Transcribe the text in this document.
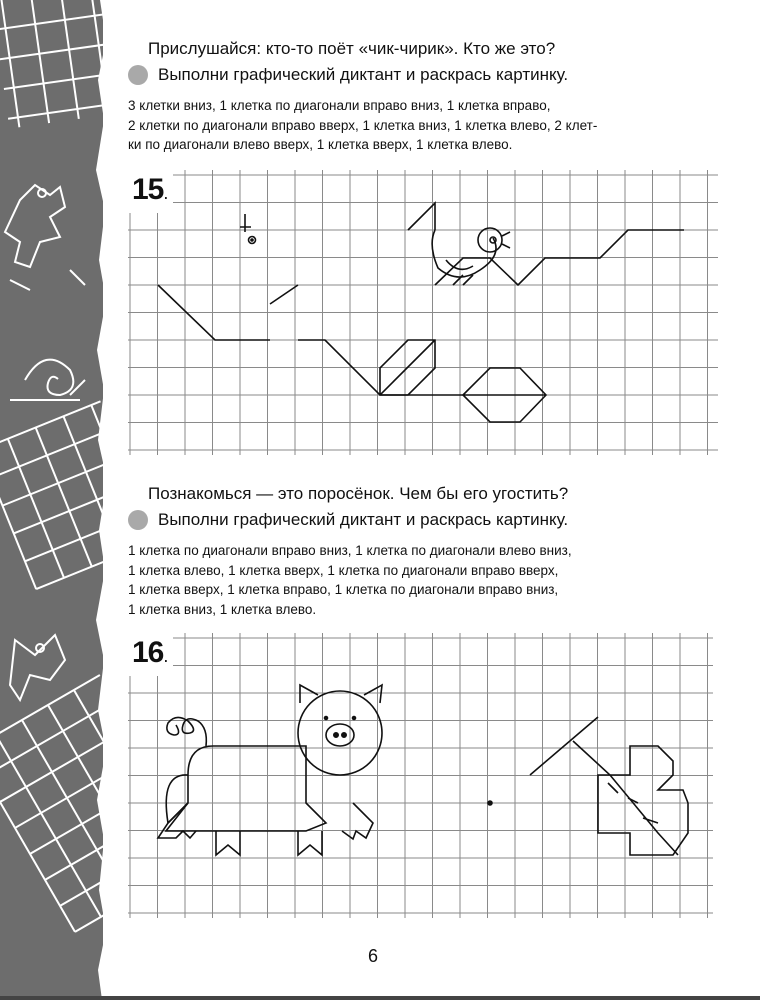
Прислушайся: кто-то поёт «чик-чирик». Кто же это?
Выполни графический диктант и раскрась картинку.
3 клетки вниз, 1 клетка по диагонали вправо вниз, 1 клетка вправо,
2 клетки по диагонали вправо вверх, 1 клетка вниз, 1 клетка влево, 2 клет-
ки по диагонали влево вверх, 1 клетка вверх, 1 клетка влево.
15.
Познакомься — это поросёнок. Чем бы его угостить?
Выполни графический диктант и раскрась картинку.
1 клетка по диагонали вправо вниз, 1 клетка по диагонали влево вниз,
1 клетка влево, 1 клетка вверх, 1 клетка по диагонали вправо вверх,
1 клетка вверх, 1 клетка вправо, 1 клетка по диагонали вправо вниз,
1 клетка вниз, 1 клетка влево.
16.
6
